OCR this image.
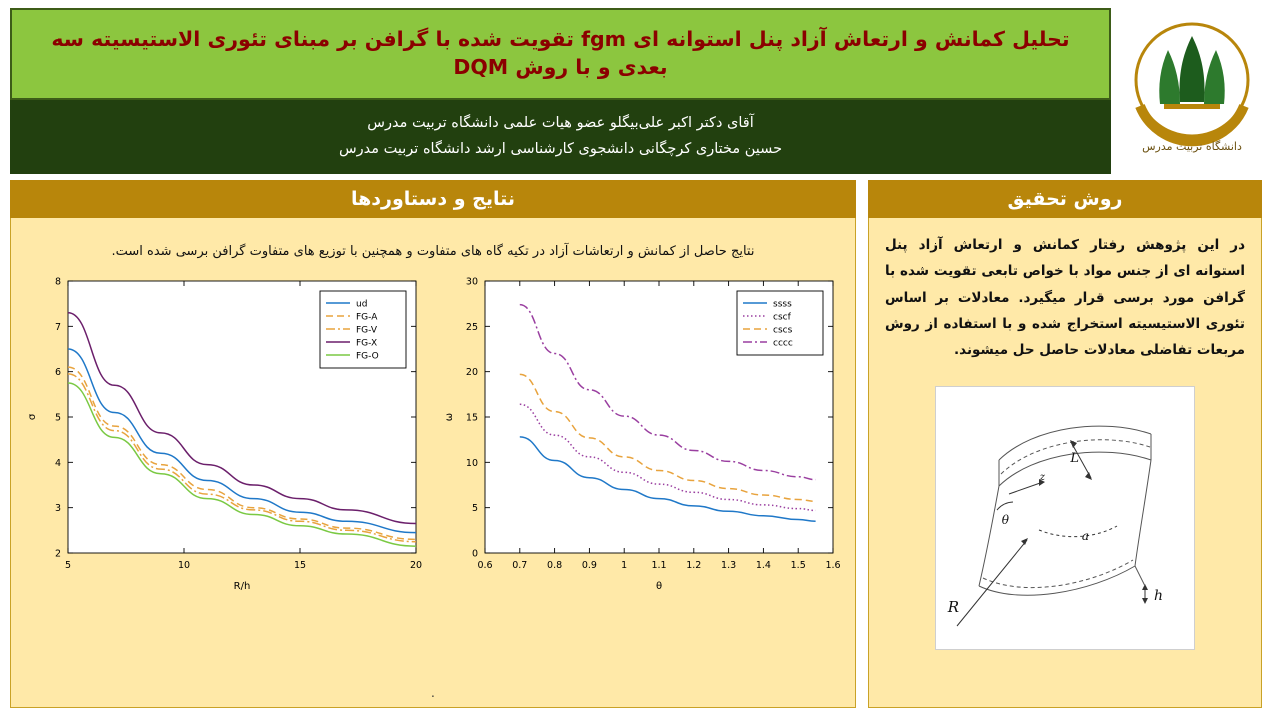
تحلیل کمانش و ارتعاش آزاد پنل استوانه ای fgm تقویت شده با گرافن بر مبنای تئوری الاستیسیته سه بعدی و با روش DQM
آقای دکتر اکبر علی‌بیگلو عضو هیات علمی دانشگاه تربیت مدرس
حسین مختاری کرچگانی دانشجوی کارشناسی ارشد دانشگاه تربیت مدرس	دانشگاه تربیت مدرس
نتایج و دستاوردها
نتایج حاصل از کمانش و ارتعاشات آزاد در تکیه گاه های متفاوت و همچنین با توزیع های متفاوت گرافن برسی شده است.
0.6 0.7 0.8 0.9	1	1.1 1.2 1.3 1.4 1.5 1.6
0
5
10
15
20
25
30
θ
ω
ssss
cscf
cscs
cccc
5	10	15	20
2
3
4
5
6
7
8
R/h
σ
ud
FG-A
FG-V
FG-X
FG-O
.
روش تحقیق
در این پژوهش رفتار کمانش و ارتعاش آزاد پنل استوانه ای از جنس مواد با خواص تابعی تقویت شده با گرافن مورد برسی قرار میگیرد. معادلات بر اساس تئوری الاستیسیته استخراج شده و با استفاده از روش مربعات تفاضلی معادلات حاصل حل میشوند.
L
z
θ
a
R
h
